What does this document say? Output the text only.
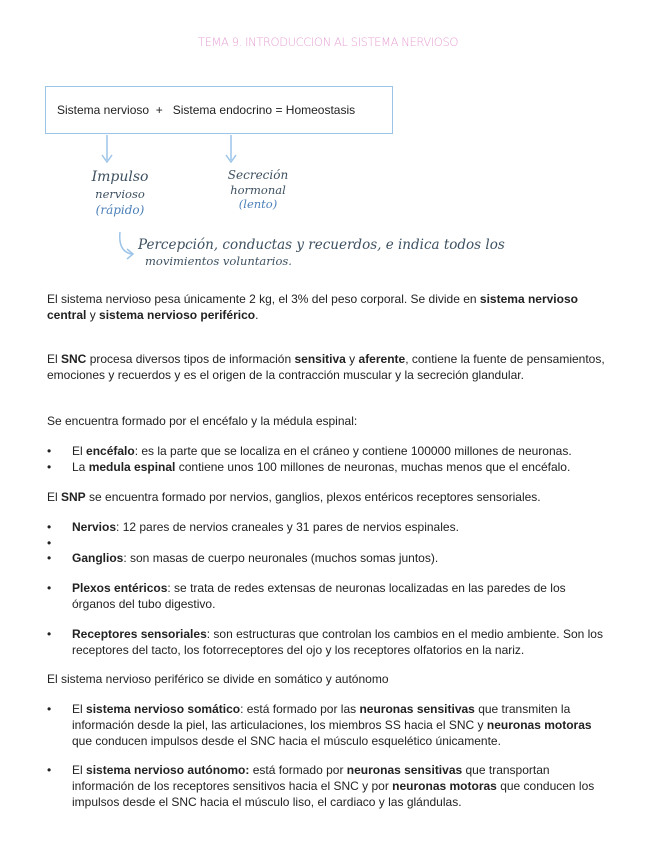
TEMA 9. INTRODUCCION AL SISTEMA NERVIOSO
Sistema nervioso  +   Sistema endocrino = Homeostasis
Impulso
nervioso
(rápido)
Secreción
hormonal
(lento)
Percepción, conductas y recuerdos, e indica todos los
movimientos voluntarios.
El sistema nervioso pesa únicamente 2 kg, el 3% del peso corporal. Se divide en sistema nervioso central y sistema nervioso periférico.
El SNC procesa diversos tipos de información sensitiva y aferente, contiene la fuente de pensamientos, emociones y recuerdos y es el origen de la contracción muscular y la secreción glandular.
Se encuentra formado por el encéfalo y la médula espinal:
• El encéfalo: es la parte que se localiza en el cráneo y contiene 100000 millones de neuronas.
• La medula espinal contiene unos 100 millones de neuronas, muchas menos que el encéfalo.
El SNP se encuentra formado por nervios, ganglios, plexos entéricos receptores sensoriales.
• Nervios: 12 pares de nervios craneales y 31 pares de nervios espinales.
•
• Ganglios: son masas de cuerpo neuronales (muchos somas juntos).
• Plexos entéricos: se trata de redes extensas de neuronas localizadas en las paredes de los órganos del tubo digestivo.
• Receptores sensoriales: son estructuras que controlan los cambios en el medio ambiente. Son los receptores del tacto, los fotorreceptores del ojo y los receptores olfatorios en la nariz.
El sistema nervioso periférico se divide en somático y autónomo
• El sistema nervioso somático: está formado por las neuronas sensitivas que transmiten la información desde la piel, las articulaciones, los miembros SS hacia el SNC y neuronas motoras que conducen impulsos desde el SNC hacia el músculo esquelético únicamente.
• El sistema nervioso autónomo: está formado por neuronas sensitivas que transportan información de los receptores sensitivos hacia el SNC y por neuronas motoras que conducen los impulsos desde el SNC hacia el músculo liso, el cardiaco y las glándulas.
